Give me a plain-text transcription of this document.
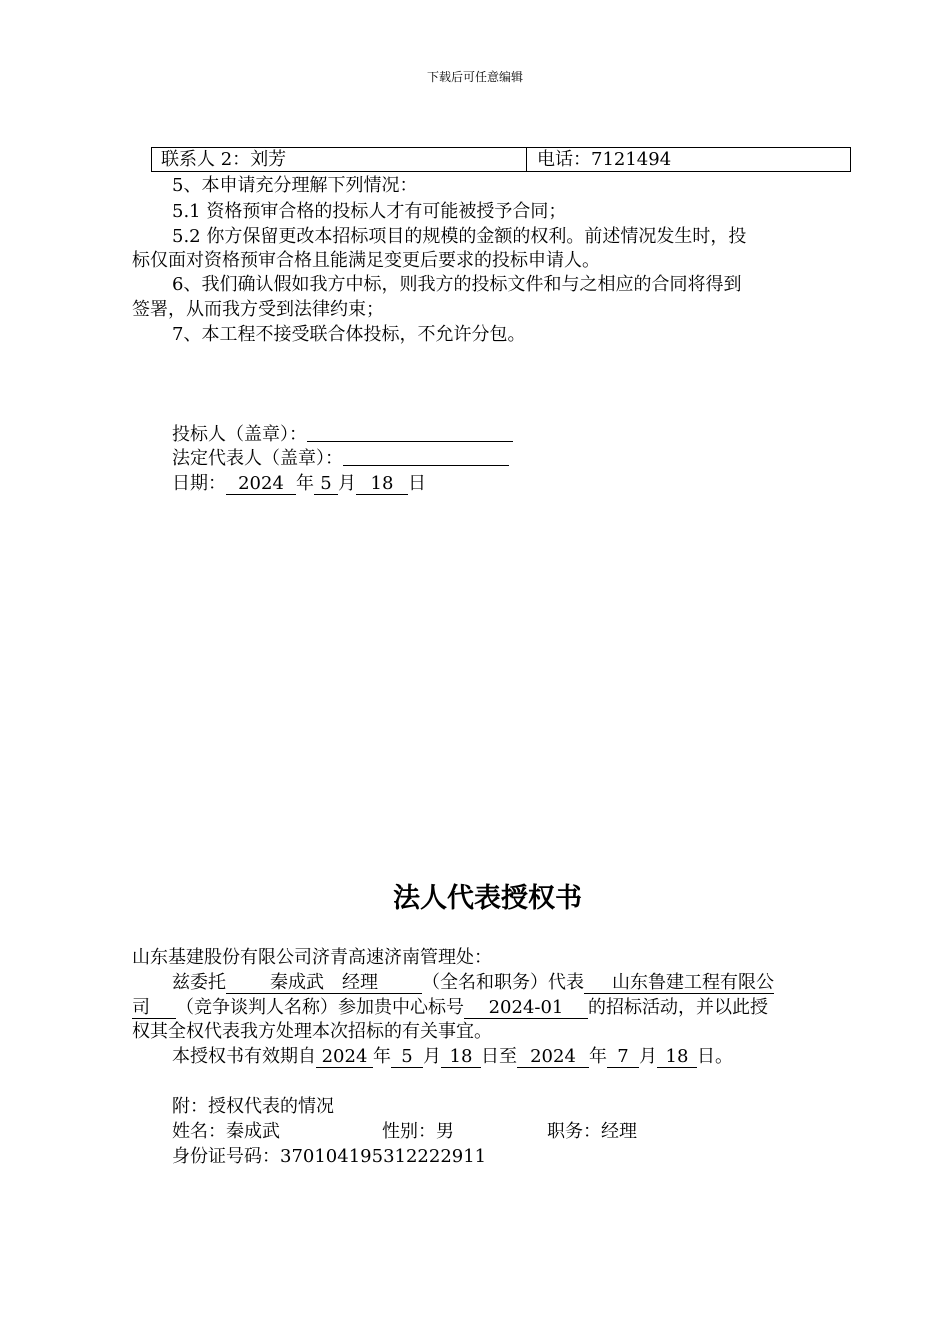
下载后可任意编辑
联系人 2：刘芳	电话：7121494
5、本申请充分理解下列情况：
5.1 资格预审合格的投标人才有可能被授予合同；
5.2 你方保留更改本招标项目的规模的金额的权利。前述情况发生时，投
标仅面对资格预审合格且能满足变更后要求的投标申请人。
6、我们确认假如我方中标，则我方的投标文件和与之相应的合同将得到
签署，从而我方受到法律约束；
7、本工程不接受联合体投标，不允许分包。
投标人（盖章）：
法定代表人（盖章）：
日期： 2024 年 5 月 18 日
法人代表授权书
山东基建股份有限公司济青高速济南管理处：
兹委托 秦成武　经理 （全名和职务）代表 山东鲁建工程有限公
司 （竞争谈判人名称）参加贵中心标号 2024-01 的招标活动，并以此授
权其全权代表我方处理本次招标的有关事宜。
本授权书有效期自 2024 年 5 月 18 日至 2024 年 7 月 18 日。
附：授权代表的情况
姓名：秦成武	性别：男	职务：经理
身份证号码：370104195312222911
